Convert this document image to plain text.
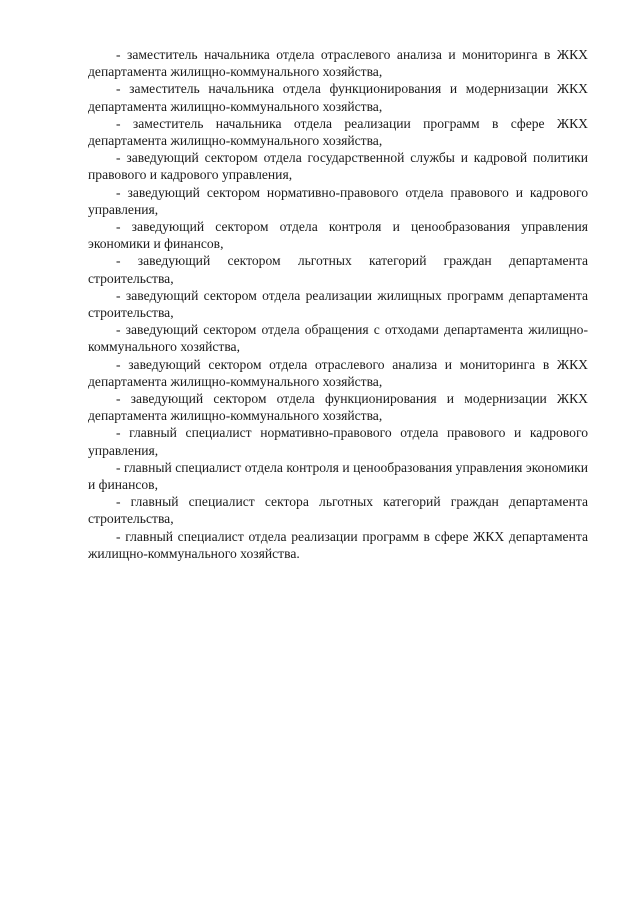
- заместитель начальника отдела отраслевого анализа и мониторинга в ЖКХ департамента жилищно-коммунального хозяйства,

- заместитель начальника отдела функционирования и модернизации ЖКХ департамента жилищно-коммунального хозяйства,

- заместитель начальника отдела реализации программ в сфере ЖКХ департамента жилищно-коммунального хозяйства,

- заведующий сектором отдела государственной службы и кадровой политики правового и кадрового управления,

- заведующий сектором нормативно-правового отдела правового и кадрового управления,

- заведующий сектором отдела контроля и ценообразования управления экономики и финансов,

- заведующий сектором льготных категорий граждан департамента строительства,

- заведующий сектором отдела реализации жилищных программ департамента строительства,

- заведующий сектором отдела обращения с отходами департамента жилищно-коммунального хозяйства,

- заведующий сектором отдела отраслевого анализа и мониторинга в ЖКХ департамента жилищно-коммунального хозяйства,

- заведующий сектором отдела функционирования и модернизации ЖКХ департамента жилищно-коммунального хозяйства,

- главный специалист нормативно-правового отдела правового и кадрового управления,

- главный специалист отдела контроля и ценообразования управления экономики и финансов,

- главный специалист сектора льготных категорий граждан департамента строительства,

- главный специалист отдела реализации программ в сфере ЖКХ департамента жилищно-коммунального хозяйства.
